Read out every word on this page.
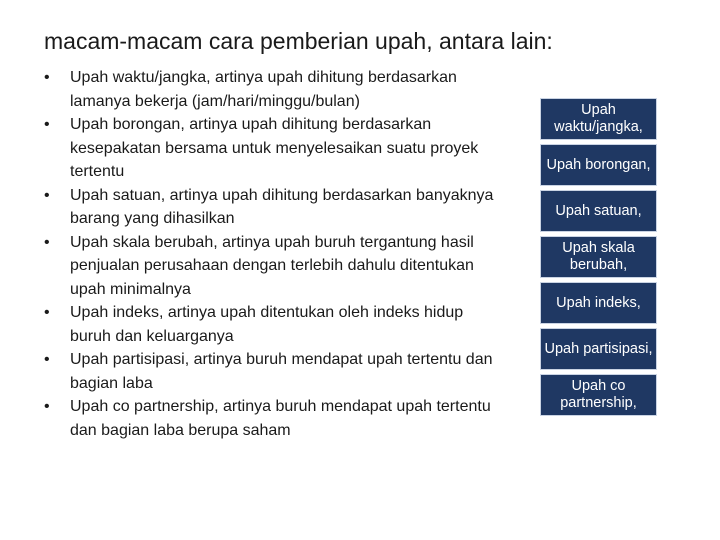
macam-macam cara pemberian upah, antara lain:
• Upah waktu/jangka, artinya upah dihitung berdasarkan lamanya bekerja (jam/hari/minggu/bulan)
• Upah borongan, artinya upah dihitung berdasarkan kesepakatan bersama untuk menyelesaikan suatu proyek tertentu
• Upah satuan, artinya upah dihitung berdasarkan banyaknya barang yang dihasilkan
• Upah skala berubah, artinya upah buruh tergantung hasil penjualan perusahaan dengan terlebih dahulu ditentukan upah minimalnya
• Upah indeks, artinya upah ditentukan oleh indeks hidup buruh dan keluarganya
• Upah partisipasi, artinya buruh mendapat upah tertentu dan bagian laba
• Upah co partnership, artinya buruh mendapat upah tertentu dan bagian laba berupa saham
Upah waktu/jangka,
Upah borongan,
Upah satuan,
Upah skala berubah,
Upah indeks,
Upah partisipasi,
Upah co partnership,
